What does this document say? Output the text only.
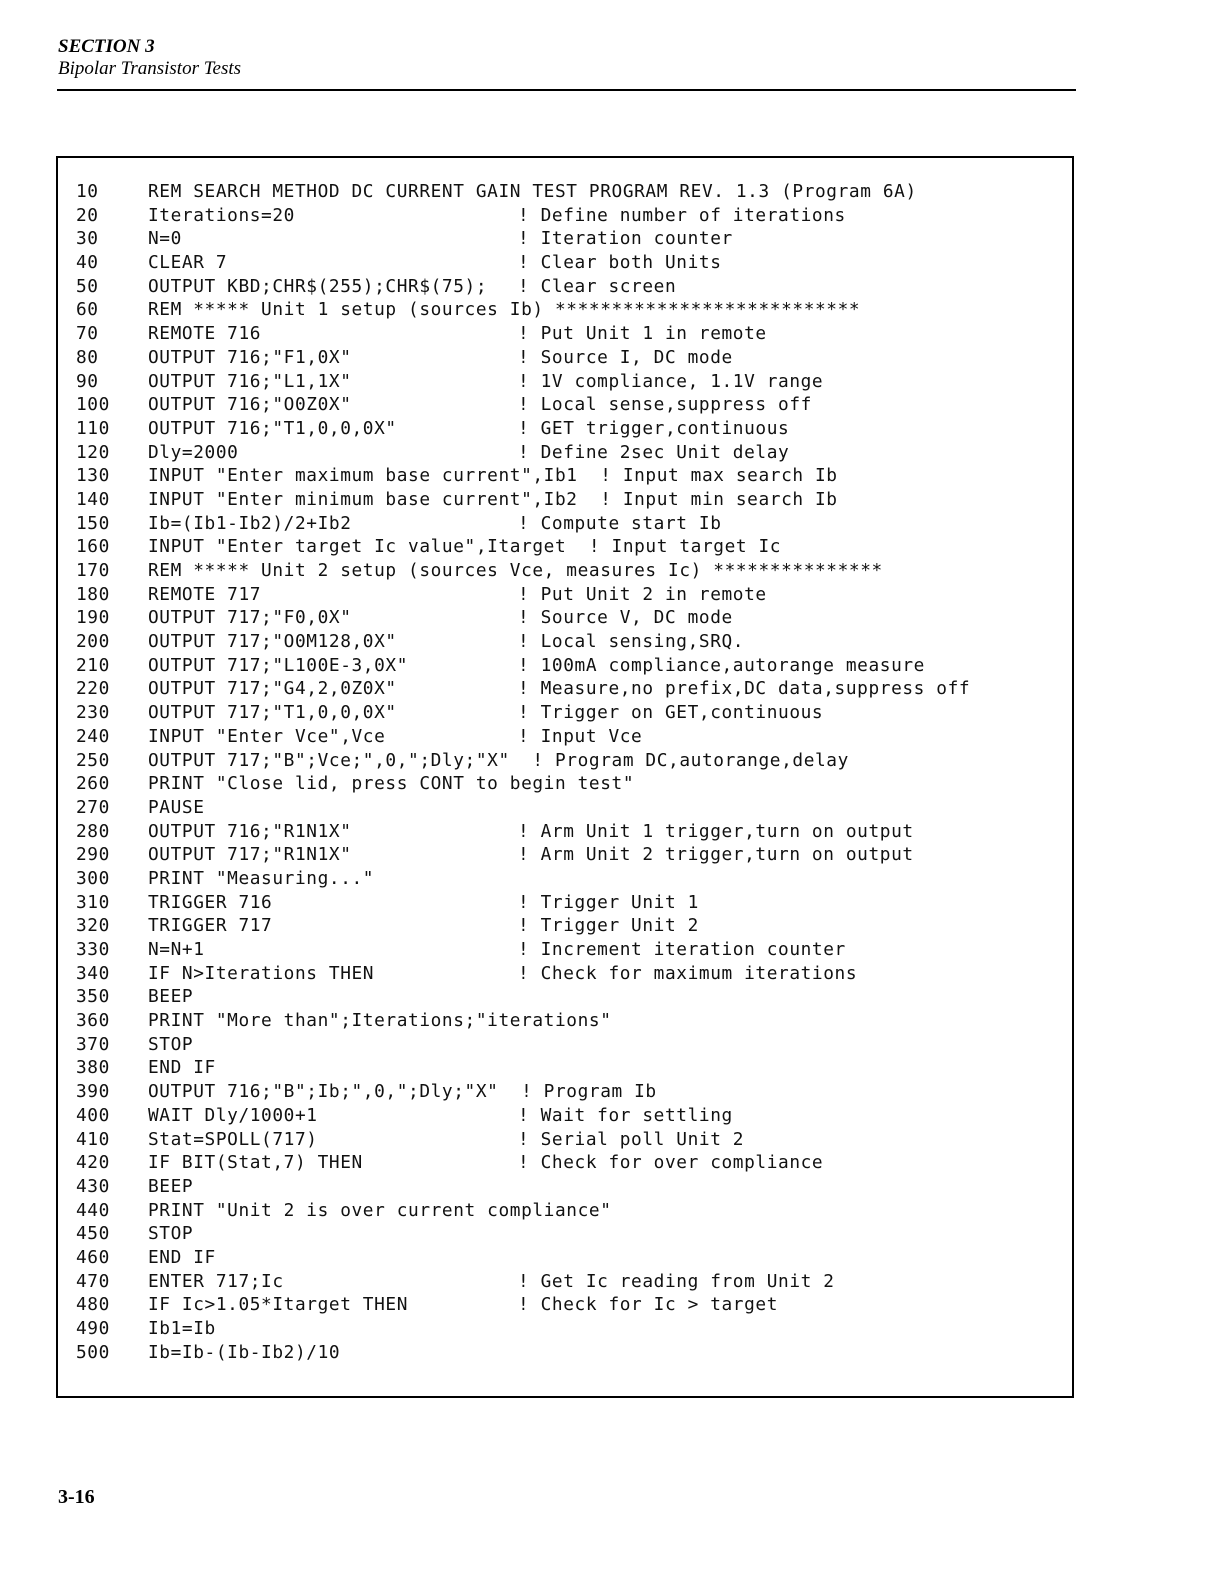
SECTION 3
Bipolar Transistor Tests
10	REM SEARCH METHOD DC CURRENT GAIN TEST PROGRAM REV. 1.3 (Program 6A)
20	Iterations=20	! Define number of iterations
30	N=0	! Iteration counter
40	CLEAR 7	! Clear both Units
50	OUTPUT KBD;CHR$(255);CHR$(75);	! Clear screen
60	REM ***** Unit 1 setup (sources Ib) ***************************
70	REMOTE 716	! Put Unit 1 in remote
80	OUTPUT 716;"F1,0X"	! Source I, DC mode
90	OUTPUT 716;"L1,1X"	! 1V compliance, 1.1V range
100	OUTPUT 716;"O0Z0X"	! Local sense,suppress off
110	OUTPUT 716;"T1,0,0,0X"	! GET trigger,continuous
120	Dly=2000	! Define 2sec Unit delay
130	INPUT "Enter maximum base current",Ib1  ! Input max search Ib
140	INPUT "Enter minimum base current",Ib2  ! Input min search Ib
150	Ib=(Ib1-Ib2)/2+Ib2	! Compute start Ib
160	INPUT "Enter target Ic value",Itarget  ! Input target Ic
170	REM ***** Unit 2 setup (sources Vce, measures Ic) ***************
180	REMOTE 717	! Put Unit 2 in remote
190	OUTPUT 717;"F0,0X"	! Source V, DC mode
200	OUTPUT 717;"O0M128,0X"	! Local sensing,SRQ.
210	OUTPUT 717;"L100E-3,0X"	! 100mA compliance,autorange measure
220	OUTPUT 717;"G4,2,0Z0X"	! Measure,no prefix,DC data,suppress off
230	OUTPUT 717;"T1,0,0,0X"	! Trigger on GET,continuous
240	INPUT "Enter Vce",Vce	! Input Vce
250	OUTPUT 717;"B";Vce;",0,";Dly;"X"  ! Program DC,autorange,delay
260	PRINT "Close lid, press CONT to begin test"
270	PAUSE
280	OUTPUT 716;"R1N1X"	! Arm Unit 1 trigger,turn on output
290	OUTPUT 717;"R1N1X"	! Arm Unit 2 trigger,turn on output
300	PRINT "Measuring..."
310	TRIGGER 716	! Trigger Unit 1
320	TRIGGER 717	! Trigger Unit 2
330	N=N+1	! Increment iteration counter
340	IF N>Iterations THEN	! Check for maximum iterations
350	BEEP
360	PRINT "More than";Iterations;"iterations"
370	STOP
380	END IF
390	OUTPUT 716;"B";Ib;",0,";Dly;"X"  ! Program Ib
400	WAIT Dly/1000+1	! Wait for settling
410	Stat=SPOLL(717)	! Serial poll Unit 2
420	IF BIT(Stat,7) THEN	! Check for over compliance
430	BEEP
440	PRINT "Unit 2 is over current compliance"
450	STOP
460	END IF
470	ENTER 717;Ic	! Get Ic reading from Unit 2
480	IF Ic>1.05*Itarget THEN	! Check for Ic > target
490	Ib1=Ib
500	Ib=Ib-(Ib-Ib2)/10
3-16
